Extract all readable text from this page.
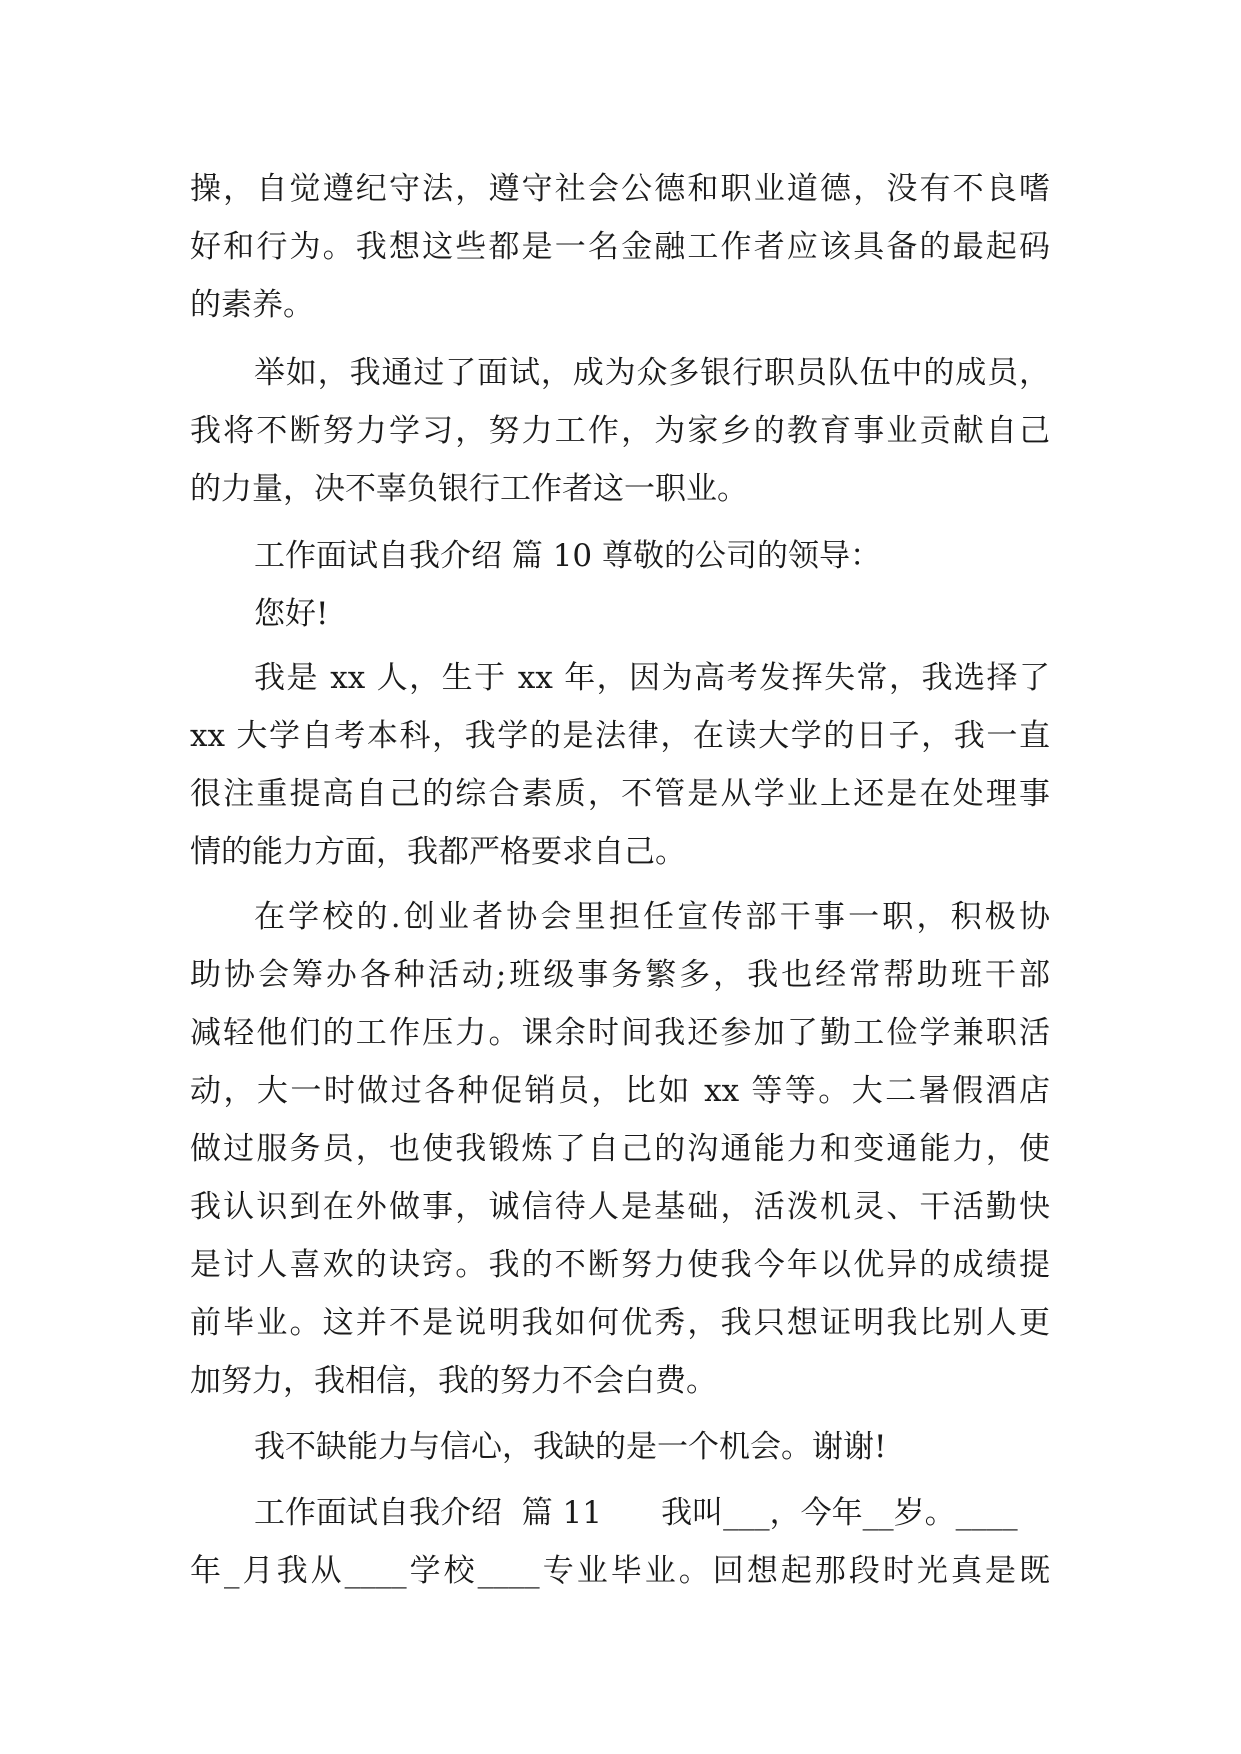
操，自觉遵纪守法，遵守社会公德和职业道德，没有不良嗜
好和行为。我想这些都是一名金融工作者应该具备的最起码
的素养。
举如，我通过了面试，成为众多银行职员队伍中的成员，
我将不断努力学习，努力工作，为家乡的教育事业贡献自己
的力量，决不辜负银行工作者这一职业。
工作面试自我介绍 篇 10 尊敬的公司的领导：
您好!
我是 xx 人，生于 xx 年，因为高考发挥失常，我选择了
xx 大学自考本科，我学的是法律，在读大学的日子，我一直
很注重提高自己的综合素质，不管是从学业上还是在处理事
情的能力方面，我都严格要求自己。
在学校的.创业者协会里担任宣传部干事一职，积极协
助协会筹办各种活动;班级事务繁多，我也经常帮助班干部
减轻他们的工作压力。课余时间我还参加了勤工俭学兼职活
动，大一时做过各种促销员，比如 xx 等等。大二暑假酒店
做过服务员，也使我锻炼了自己的沟通能力和变通能力，使
我认识到在外做事，诚信待人是基础，活泼机灵、干活勤快
是讨人喜欢的诀窍。我的不断努力使我今年以优异的成绩提
前毕业。这并不是说明我如何优秀，我只想证明我比别人更
加努力，我相信，我的努力不会白费。
我不缺能力与信心，我缺的是一个机会。谢谢!
工作面试自我介绍  篇 11      我叫___，今年__岁。____
年_月我从____学校____专业毕业。回想起那段时光真是既
